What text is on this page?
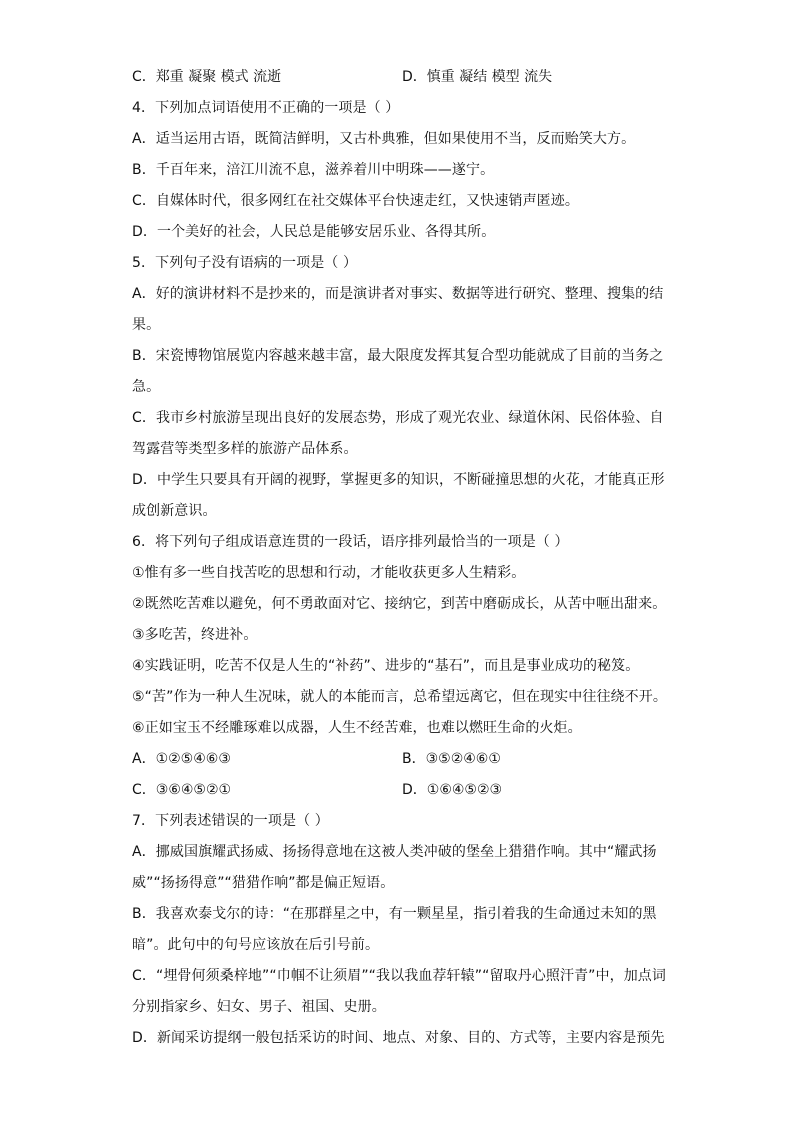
C．郑重 凝聚 模式 流逝	D．慎重 凝结 模型 流失
4．下列加点词语使用不正确的一项是（ ）
A．适当运用古语，既简洁鲜明，又古朴典雅，但如果使用不当，反而贻笑大方。
B．千百年来，涪江川流不息，滋养着川中明珠——遂宁。
C．自媒体时代，很多网红在社交媒体平台快速走红，又快速销声匿迹。
D．一个美好的社会，人民总是能够安居乐业、各得其所。
5．下列句子没有语病的一项是（ ）
A．好的演讲材料不是抄来的，而是演讲者对事实、数据等进行研究、整理、搜集的结
果。
B．宋瓷博物馆展览内容越来越丰富，最大限度发挥其复合型功能就成了目前的当务之
急。
C．我市乡村旅游呈现出良好的发展态势，形成了观光农业、绿道休闲、民俗体验、自
驾露营等类型多样的旅游产品体系。
D．中学生只要具有开阔的视野，掌握更多的知识，不断碰撞思想的火花，才能真正形
成创新意识。
6．将下列句子组成语意连贯的一段话，语序排列最恰当的一项是（ ）
①惟有多一些自找苦吃的思想和行动，才能收获更多人生精彩。
②既然吃苦难以避免，何不勇敢面对它、接纳它，到苦中磨砺成长，从苦中咂出甜来。
③多吃苦，终进补。
④实践证明，吃苦不仅是人生的“补药”、进步的“基石”，而且是事业成功的秘笈。
⑤“苦”作为一种人生况味，就人的本能而言，总希望远离它，但在现实中往往绕不开。
⑥正如宝玉不经雕琢难以成器，人生不经苦难，也难以燃旺生命的火炬。
A．①②⑤④⑥③	B．③⑤②④⑥①
C．③⑥④⑤②①	D．①⑥④⑤②③
7．下列表述错误的一项是（ ）
A．挪威国旗耀武扬威、扬扬得意地在这被人类冲破的堡垒上猎猎作响。其中“耀武扬
威”“扬扬得意”“猎猎作响”都是偏正短语。
B．我喜欢泰戈尔的诗：“在那群星之中，有一颗星星，指引着我的生命通过未知的黑
暗”。此句中的句号应该放在后引号前。
C．“埋骨何须桑梓地”“巾帼不让须眉”“我以我血荐轩辕”“留取丹心照汗青”中，加点词
分别指家乡、妇女、男子、祖国、史册。
D．新闻采访提纲一般包括采访的时间、地点、对象、目的、方式等，主要内容是预先
